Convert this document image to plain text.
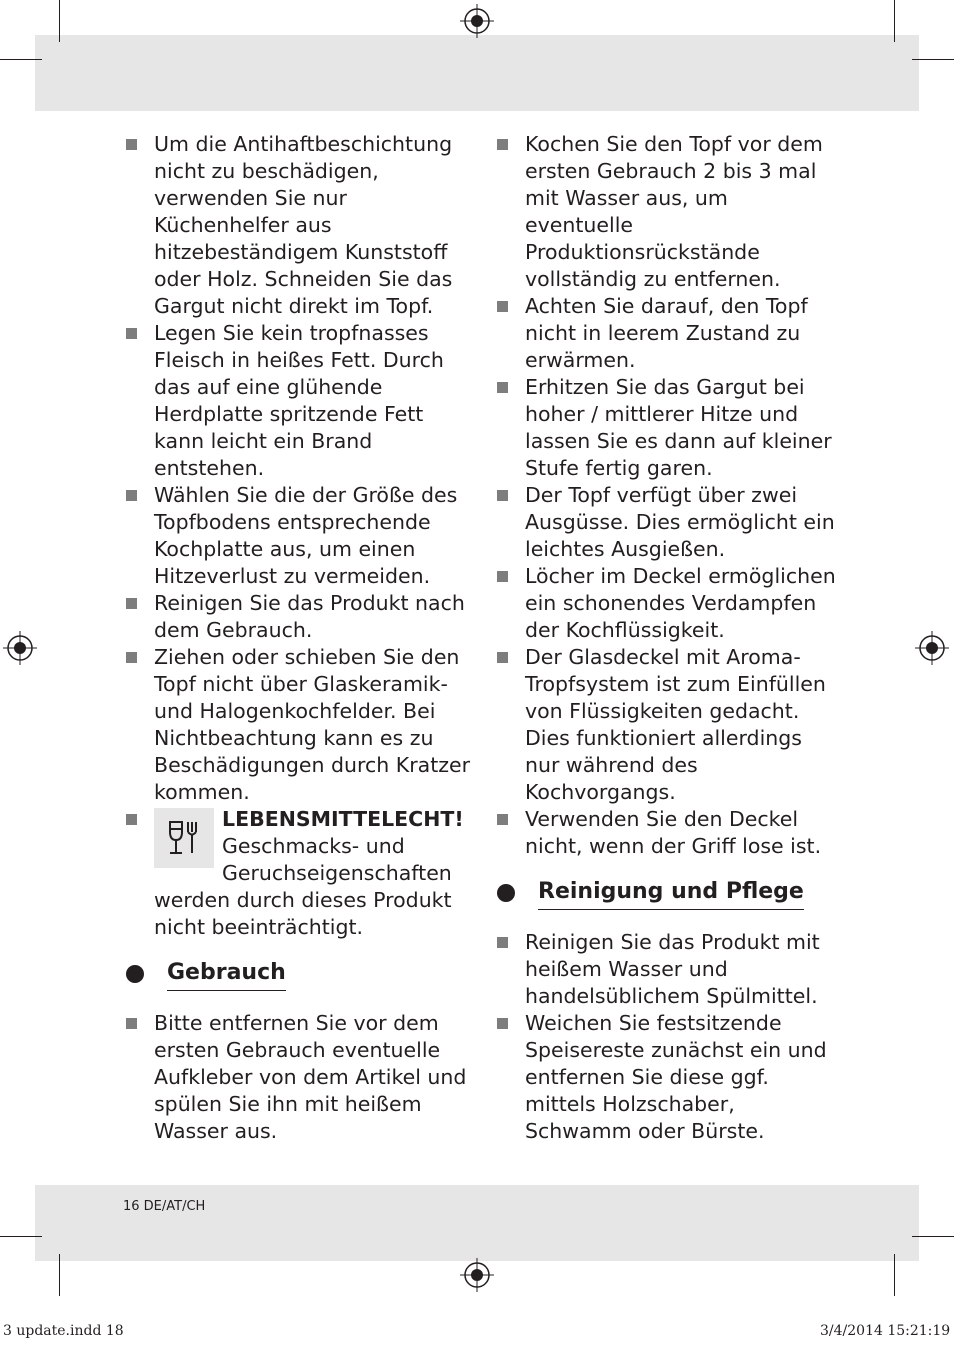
Um die Antihaftbeschichtung nicht zu beschädigen, verwenden Sie nur Küchenhelfer aus hitzebeständigem Kunststoff oder Holz. Schneiden Sie das Gargut nicht direkt im Topf.
Legen Sie kein tropfnasses Fleisch in heißes Fett. Durch das auf eine glühende Herdplatte spritzende Fett kann leicht ein Brand entstehen.
Wählen Sie die der Größe des Topfbodens entsprechende Kochplatte aus, um einen Hitzeverlust zu vermeiden.
Reinigen Sie das Produkt nach dem Gebrauch.
Ziehen oder schieben Sie den Topf nicht über Glaskeramik- und Halogenkochfelder. Bei Nichtbeachtung kann es zu Beschädigungen durch Kratzer kommen.
LEBENSMITTELECHT!
Geschmacks- und Geruchseigenschaften werden durch dieses Produkt nicht beeinträchtigt.
Gebrauch
Bitte entfernen Sie vor dem ersten Gebrauch eventuelle Aufkleber von dem Artikel und spülen Sie ihn mit heißem Wasser aus.
Kochen Sie den Topf vor dem ersten Gebrauch 2 bis 3 mal mit Wasser aus, um eventuelle Produktionsrückstände vollständig zu entfernen.
Achten Sie darauf, den Topf nicht in leerem Zustand zu erwärmen.
Erhitzen Sie das Gargut bei hoher / mittlerer Hitze und lassen Sie es dann auf kleiner Stufe fertig garen.
Der Topf verfügt über zwei Ausgüsse. Dies ermöglicht ein leichtes Ausgießen.
Löcher im Deckel ermöglichen ein schonendes Verdampfen der Kochflüssigkeit.
Der Glasdeckel mit Aroma-Tropfsystem ist zum Einfüllen von Flüssigkeiten gedacht. Dies funktioniert allerdings nur während des Kochvorgangs.
Verwenden Sie den Deckel nicht, wenn der Griff lose ist.
Reinigung und Pflege
Reinigen Sie das Produkt mit heißem Wasser und handelsüblichem Spülmittel.
Weichen Sie festsitzende Speisereste zunächst ein und entfernen Sie diese ggf. mittels Holzschaber, Schwamm oder Bürste.
16 DE/AT/CH
3 update.indd 18	3/4/2014 15:21:19
